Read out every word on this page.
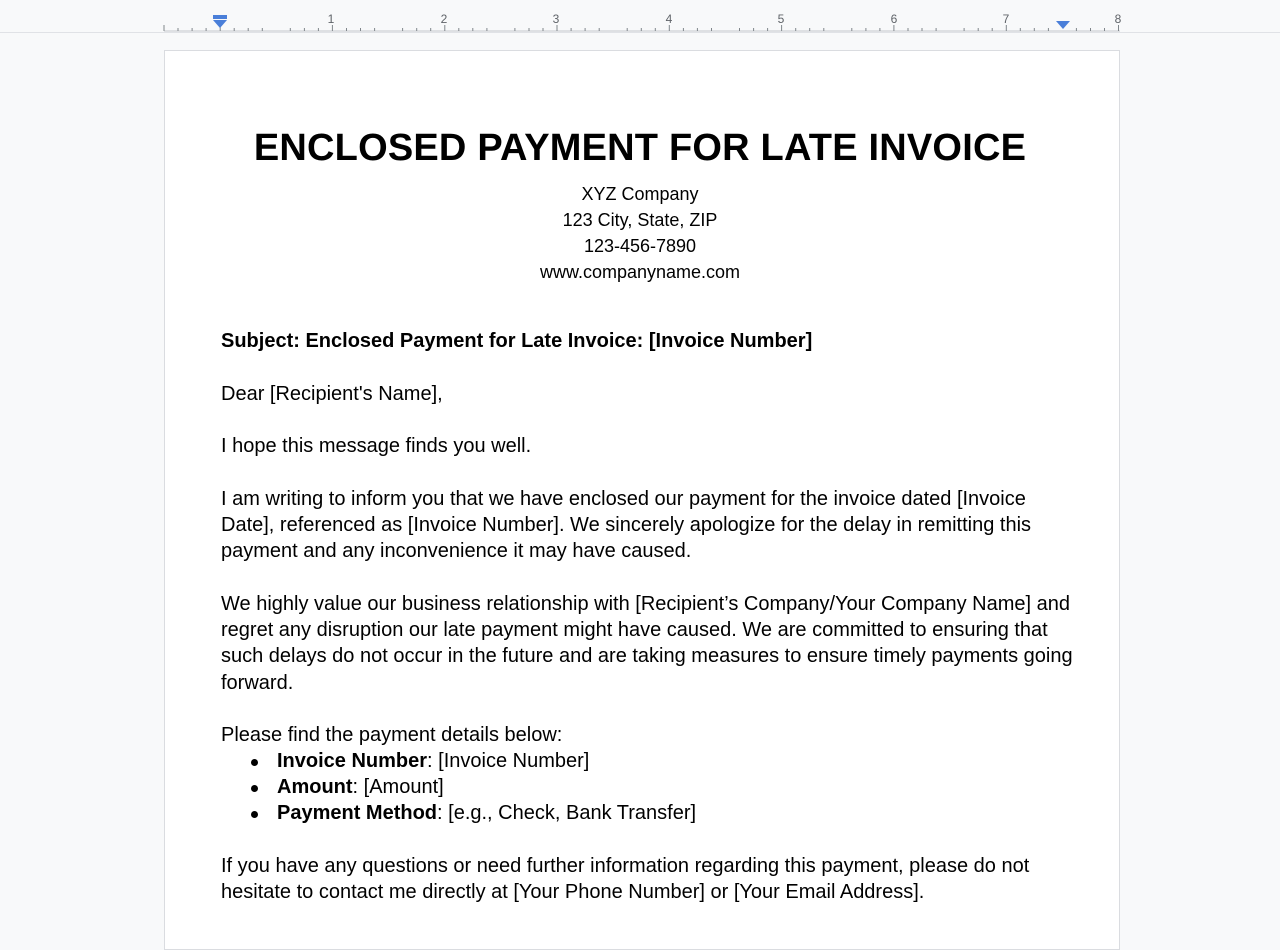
1	2	3	4	5	6	7	8
ENCLOSED PAYMENT FOR LATE INVOICE
XYZ Company
123 City, State, ZIP
123-456-7890
www.companyname.com

Subject: Enclosed Payment for Late Invoice: [Invoice Number]

Dear [Recipient's Name],

I hope this message finds you well.

I am writing to inform you that we have enclosed our payment for the invoice dated [Invoice Date], referenced as [Invoice Number]. We sincerely apologize for the delay in remitting this payment and any inconvenience it may have caused.

We highly value our business relationship with [Recipient’s Company/Your Company Name] and regret any disruption our late payment might have caused. We are committed to ensuring that such delays do not occur in the future and are taking measures to ensure timely payments going forward.

Please find the payment details below:

Invoice Number: [Invoice Number]
Amount: [Amount]
Payment Method: [e.g., Check, Bank Transfer]

If you have any questions or need further information regarding this payment, please do not hesitate to contact me directly at [Your Phone Number] or [Your Email Address].
